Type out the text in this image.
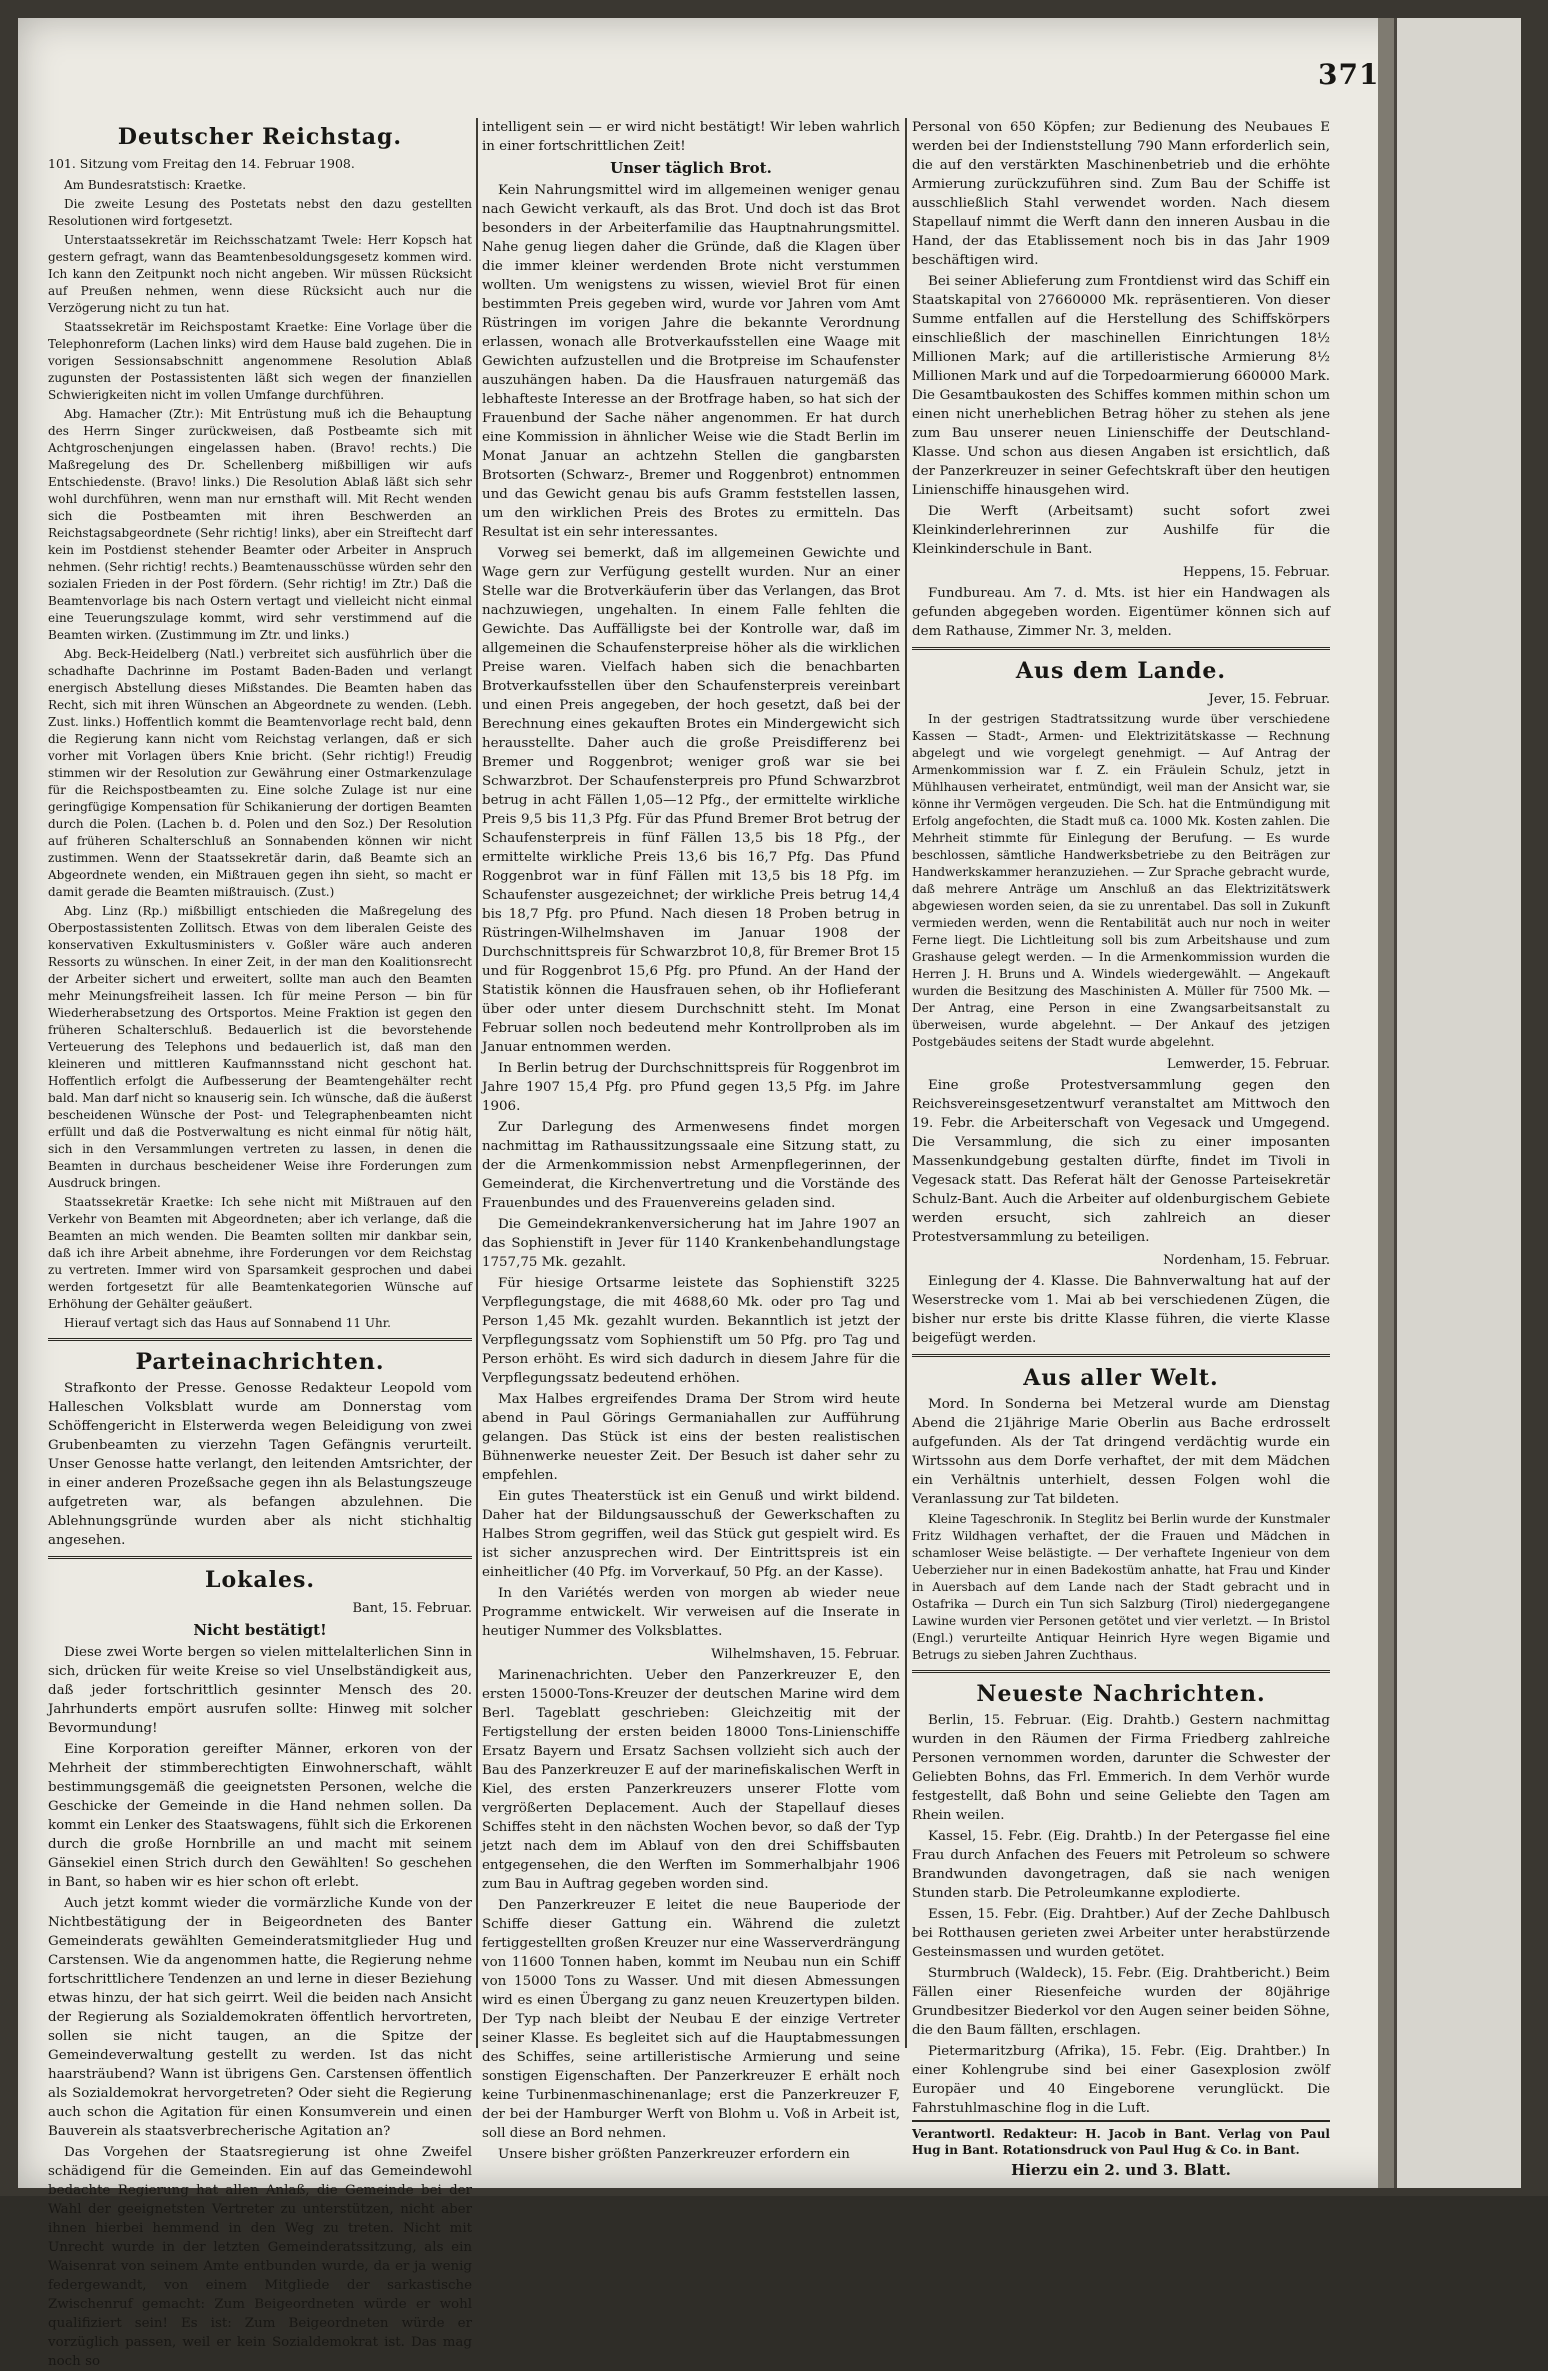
371
Deutscher Reichstag.
101. Sitzung vom Freitag den 14. Februar 1908.

Am Bundesratstisch: Kraetke.

Die zweite Lesung des Postetats nebst den dazu gestellten Resolutionen wird fortgesetzt.

Unterstaatssekretär im Reichsschatzamt Twele: Herr Kopsch hat gestern gefragt, wann das Beamtenbesoldungsgesetz kommen wird. Ich kann den Zeitpunkt noch nicht angeben. Wir müssen Rücksicht auf Preußen nehmen, wenn diese Rücksicht auch nur die Verzögerung nicht zu tun hat.

Staatssekretär im Reichspostamt Kraetke: Eine Vorlage über die Telephonreform (Lachen links) wird dem Hause bald zugehen. Die in vorigen Sessionsabschnitt angenommene Resolution Ablaß zugunsten der Postassistenten läßt sich wegen der finanziellen Schwierigkeiten nicht im vollen Umfange durchführen.

Abg. Hamacher (Ztr.): Mit Entrüstung muß ich die Behauptung des Herrn Singer zurückweisen, daß Postbeamte sich mit Achtgroschenjungen eingelassen haben. (Bravo! rechts.) Die Maßregelung des Dr. Schellenberg mißbilligen wir aufs Entschiedenste. (Bravo! links.) Die Resolution Ablaß läßt sich sehr wohl durchführen, wenn man nur ernsthaft will. Mit Recht wenden sich die Postbeamten mit ihren Beschwerden an Reichstagsabgeordnete (Sehr richtig! links), aber ein Streiftecht darf kein im Postdienst stehender Beamter oder Arbeiter in Anspruch nehmen. (Sehr richtig! rechts.) Beamtenausschüsse würden sehr den sozialen Frieden in der Post fördern. (Sehr richtig! im Ztr.) Daß die Beamtenvorlage bis nach Ostern vertagt und vielleicht nicht einmal eine Teuerungszulage kommt, wird sehr verstimmend auf die Beamten wirken. (Zustimmung im Ztr. und links.)

Abg. Beck-Heidelberg (Natl.) verbreitet sich ausführlich über die schadhafte Dachrinne im Postamt Baden-Baden und verlangt energisch Abstellung dieses Mißstandes. Die Beamten haben das Recht, sich mit ihren Wünschen an Abgeordnete zu wenden. (Lebh. Zust. links.) Hoffentlich kommt die Beamtenvorlage recht bald, denn die Regierung kann nicht vom Reichstag verlangen, daß er sich vorher mit Vorlagen übers Knie bricht. (Sehr richtig!) Freudig stimmen wir der Resolution zur Gewährung einer Ostmarkenzulage für die Reichspostbeamten zu. Eine solche Zulage ist nur eine geringfügige Kompensation für Schikanierung der dortigen Beamten durch die Polen. (Lachen b. d. Polen und den Soz.) Der Resolution auf früheren Schalterschluß an Sonnabenden können wir nicht zustimmen. Wenn der Staatssekretär darin, daß Beamte sich an Abgeordnete wenden, ein Mißtrauen gegen ihn sieht, so macht er damit gerade die Beamten mißtrauisch. (Zust.)

Abg. Linz (Rp.) mißbilligt entschieden die Maßregelung des Oberpostassistenten Zollitsch. Etwas von dem liberalen Geiste des konservativen Exkultusministers v. Goßler wäre auch anderen Ressorts zu wünschen. In einer Zeit, in der man den Koalitionsrecht der Arbeiter sichert und erweitert, sollte man auch den Beamten mehr Meinungsfreiheit lassen. Ich für meine Person — bin für Wiederherabsetzung des Ortsportos. Meine Fraktion ist gegen den früheren Schalterschluß. Bedauerlich ist die bevorstehende Verteuerung des Telephons und bedauerlich ist, daß man den kleineren und mittleren Kaufmannsstand nicht geschont hat. Hoffentlich erfolgt die Aufbesserung der Beamtengehälter recht bald. Man darf nicht so knauserig sein. Ich wünsche, daß die äußerst bescheidenen Wünsche der Post- und Telegraphenbeamten nicht erfüllt und daß die Postverwaltung es nicht einmal für nötig hält, sich in den Versammlungen vertreten zu lassen, in denen die Beamten in durchaus bescheidener Weise ihre Forderungen zum Ausdruck bringen.

Staatssekretär Kraetke: Ich sehe nicht mit Mißtrauen auf den Verkehr von Beamten mit Abgeordneten; aber ich verlange, daß die Beamten an mich wenden. Die Beamten sollten mir dankbar sein, daß ich ihre Arbeit abnehme, ihre Forderungen vor dem Reichstag zu vertreten. Immer wird von Sparsamkeit gesprochen und dabei werden fortgesetzt für alle Beamtenkategorien Wünsche auf Erhöhung der Gehälter geäußert.

Hierauf vertagt sich das Haus auf Sonnabend 11 Uhr.

Parteinachrichten.

Strafkonto der Presse. Genosse Redakteur Leopold vom Halleschen Volksblatt wurde am Donnerstag vom Schöffengericht in Elsterwerda wegen Beleidigung von zwei Grubenbeamten zu vierzehn Tagen Gefängnis verurteilt. Unser Genosse hatte verlangt, den leitenden Amtsrichter, der in einer anderen Prozeßsache gegen ihn als Belastungszeuge aufgetreten war, als befangen abzulehnen. Die Ablehnungsgründe wurden aber als nicht stichhaltig angesehen.

Lokales.
Bant, 15. Februar.
Nicht bestätigt!

Diese zwei Worte bergen so vielen mittelalterlichen Sinn in sich, drücken für weite Kreise so viel Unselbständigkeit aus, daß jeder fortschrittlich gesinnter Mensch des 20. Jahrhunderts empört ausrufen sollte: Hinweg mit solcher Bevormundung!

Eine Korporation gereifter Männer, erkoren von der Mehrheit der stimmberechtigten Einwohnerschaft, wählt bestimmungsgemäß die geeignetsten Personen, welche die Geschicke der Gemeinde in die Hand nehmen sollen. Da kommt ein Lenker des Staatswagens, fühlt sich die Erkorenen durch die große Hornbrille an und macht mit seinem Gänsekiel einen Strich durch den Gewählten! So geschehen in Bant, so haben wir es hier schon oft erlebt.

Auch jetzt kommt wieder die vormärzliche Kunde von der Nichtbestätigung der in Beigeordneten des Banter Gemeinderats gewählten Gemeinderatsmitglieder Hug und Carstensen. Wie da angenommen hatte, die Regierung nehme fortschrittlichere Tendenzen an und lerne in dieser Beziehung etwas hinzu, der hat sich geirrt. Weil die beiden nach Ansicht der Regierung als Sozialdemokraten öffentlich hervortreten, sollen sie nicht taugen, an die Spitze der Gemeindeverwaltung gestellt zu werden. Ist das nicht haarsträubend? Wann ist übrigens Gen. Carstensen öffentlich als Sozialdemokrat hervorgetreten? Oder sieht die Regierung auch schon die Agitation für einen Konsumverein und einen Bauverein als staatsverbrecherische Agitation an?

Das Vorgehen der Staatsregierung ist ohne Zweifel schädigend für die Gemeinden. Ein auf das Gemeindewohl bedachte Regierung hat allen Anlaß, die Gemeinde bei der Wahl der geeignetsten Vertreter zu unterstützen, nicht aber ihnen hierbei hemmend in den Weg zu treten. Nicht mit Unrecht wurde in der letzten Gemeinderatssitzung, als ein Waisenrat von seinem Amte entbunden wurde, da er ja wenig federgewandt, von einem Mitgliede der sarkastische Zwischenruf gemacht: Zum Beigeordneten würde er wohl qualifiziert sein! Es ist: Zum Beigeordneten würde er vorzüglich passen, weil er kein Sozialdemokrat ist. Das mag noch so

intelligent sein — er wird nicht bestätigt! Wir leben wahrlich in einer fortschrittlichen Zeit!

Unser täglich Brot.

Kein Nahrungsmittel wird im allgemeinen weniger genau nach Gewicht verkauft, als das Brot. Und doch ist das Brot besonders in der Arbeiterfamilie das Hauptnahrungsmittel. Nahe genug liegen daher die Gründe, daß die Klagen über die immer kleiner werdenden Brote nicht verstummen wollten. Um wenigstens zu wissen, wieviel Brot für einen bestimmten Preis gegeben wird, wurde vor Jahren vom Amt Rüstringen im vorigen Jahre die bekannte Verordnung erlassen, wonach alle Brotverkaufsstellen eine Waage mit Gewichten aufzustellen und die Brotpreise im Schaufenster auszuhängen haben. Da die Hausfrauen naturgemäß das lebhafteste Interesse an der Brotfrage haben, so hat sich der Frauenbund der Sache näher angenommen. Er hat durch eine Kommission in ähnlicher Weise wie die Stadt Berlin im Monat Januar an achtzehn Stellen die gangbarsten Brotsorten (Schwarz-, Bremer und Roggenbrot) entnommen und das Gewicht genau bis aufs Gramm feststellen lassen, um den wirklichen Preis des Brotes zu ermitteln. Das Resultat ist ein sehr interessantes.

Vorweg sei bemerkt, daß im allgemeinen Gewichte und Wage gern zur Verfügung gestellt wurden. Nur an einer Stelle war die Brotverkäuferin über das Verlangen, das Brot nachzuwiegen, ungehalten. In einem Falle fehlten die Gewichte. Das Auffälligste bei der Kontrolle war, daß im allgemeinen die Schaufensterpreise höher als die wirklichen Preise waren. Vielfach haben sich die benachbarten Brotverkaufsstellen über den Schaufensterpreis vereinbart und einen Preis angegeben, der hoch gesetzt, daß bei der Berechnung eines gekauften Brotes ein Mindergewicht sich herausstellte. Daher auch die große Preisdifferenz bei Bremer und Roggenbrot; weniger groß war sie bei Schwarzbrot. Der Schaufensterpreis pro Pfund Schwarzbrot betrug in acht Fällen 1,05—12 Pfg., der ermittelte wirkliche Preis 9,5 bis 11,3 Pfg. Für das Pfund Bremer Brot betrug der Schaufensterpreis in fünf Fällen 13,5 bis 18 Pfg., der ermittelte wirkliche Preis 13,6 bis 16,7 Pfg. Das Pfund Roggenbrot war in fünf Fällen mit 13,5 bis 18 Pfg. im Schaufenster ausgezeichnet; der wirkliche Preis betrug 14,4 bis 18,7 Pfg. pro Pfund. Nach diesen 18 Proben betrug in Rüstringen-Wilhelmshaven im Januar 1908 der Durchschnittspreis für Schwarzbrot 10,8, für Bremer Brot 15 und für Roggenbrot 15,6 Pfg. pro Pfund. An der Hand der Statistik können die Hausfrauen sehen, ob ihr Hoflieferant über oder unter diesem Durchschnitt steht. Im Monat Februar sollen noch bedeutend mehr Kontrollproben als im Januar entnommen werden.

In Berlin betrug der Durchschnittspreis für Roggenbrot im Jahre 1907 15,4 Pfg. pro Pfund gegen 13,5 Pfg. im Jahre 1906.

Zur Darlegung des Armenwesens findet morgen nachmittag im Rathaussitzungssaale eine Sitzung statt, zu der die Armenkommission nebst Armenpflegerinnen, der Gemeinderat, die Kirchenvertretung und die Vorstände des Frauenbundes und des Frauenvereins geladen sind.

Die Gemeindekrankenversicherung hat im Jahre 1907 an das Sophienstift in Jever für 1140 Krankenbehandlungstage 1757,75 Mk. gezahlt.

Für hiesige Ortsarme leistete das Sophienstift 3225 Verpflegungstage, die mit 4688,60 Mk. oder pro Tag und Person 1,45 Mk. gezahlt wurden. Bekanntlich ist jetzt der Verpflegungssatz vom Sophienstift um 50 Pfg. pro Tag und Person erhöht. Es wird sich dadurch in diesem Jahre für die Verpflegungssatz bedeutend erhöhen.

Max Halbes ergreifendes Drama Der Strom wird heute abend in Paul Görings Germaniahallen zur Aufführung gelangen. Das Stück ist eins der besten realistischen Bühnenwerke neuester Zeit. Der Besuch ist daher sehr zu empfehlen.

Ein gutes Theaterstück ist ein Genuß und wirkt bildend. Daher hat der Bildungsausschuß der Gewerkschaften zu Halbes Strom gegriffen, weil das Stück gut gespielt wird. Es ist sicher anzusprechen wird. Der Eintrittspreis ist ein einheitlicher (40 Pfg. im Vorverkauf, 50 Pfg. an der Kasse).

In den Variétés werden von morgen ab wieder neue Programme entwickelt. Wir verweisen auf die Inserate in heutiger Nummer des Volksblattes.

Wilhelmshaven, 15. Februar.

Marinenachrichten. Ueber den Panzerkreuzer E, den ersten 15000-Tons-Kreuzer der deutschen Marine wird dem Berl. Tageblatt geschrieben: Gleichzeitig mit der Fertigstellung der ersten beiden 18000 Tons-Linienschiffe Ersatz Bayern und Ersatz Sachsen vollzieht sich auch der Bau des Panzerkreuzer E auf der marinefiskalischen Werft in Kiel, des ersten Panzerkreuzers unserer Flotte vom vergrößerten Deplacement. Auch der Stapellauf dieses Schiffes steht in den nächsten Wochen bevor, so daß der Typ jetzt nach dem im Ablauf von den drei Schiffsbauten entgegensehen, die den Werften im Sommerhalbjahr 1906 zum Bau in Auftrag gegeben worden sind.

Den Panzerkreuzer E leitet die neue Bauperiode der Schiffe dieser Gattung ein. Während die zuletzt fertiggestellten großen Kreuzer nur eine Wasserverdrängung von 11600 Tonnen haben, kommt im Neubau nun ein Schiff von 15000 Tons zu Wasser. Und mit diesen Abmessungen wird es einen Übergang zu ganz neuen Kreuzertypen bilden. Der Typ nach bleibt der Neubau E der einzige Vertreter seiner Klasse. Es begleitet sich auf die Hauptabmessungen des Schiffes, seine artilleristische Armierung und seine sonstigen Eigenschaften. Der Panzerkreuzer E erhält noch keine Turbinenmaschinenanlage; erst die Panzerkreuzer F, der bei der Hamburger Werft von Blohm u. Voß in Arbeit ist, soll diese an Bord nehmen.

Unsere bisher größten Panzerkreuzer erfordern ein

Personal von 650 Köpfen; zur Bedienung des Neubaues E werden bei der Indienststellung 790 Mann erforderlich sein, die auf den verstärkten Maschinenbetrieb und die erhöhte Armierung zurückzuführen sind. Zum Bau der Schiffe ist ausschließlich Stahl verwendet worden. Nach diesem Stapellauf nimmt die Werft dann den inneren Ausbau in die Hand, der das Etablissement noch bis in das Jahr 1909 beschäftigen wird.

Bei seiner Ablieferung zum Frontdienst wird das Schiff ein Staatskapital von 27660000 Mk. repräsentieren. Von dieser Summe entfallen auf die Herstellung des Schiffskörpers einschließlich der maschinellen Einrichtungen 18½ Millionen Mark; auf die artilleristische Armierung 8½ Millionen Mark und auf die Torpedoarmierung 660000 Mark. Die Gesamtbaukosten des Schiffes kommen mithin schon um einen nicht unerheblichen Betrag höher zu stehen als jene zum Bau unserer neuen Linienschiffe der Deutschland-Klasse. Und schon aus diesen Angaben ist ersichtlich, daß der Panzerkreuzer in seiner Gefechtskraft über den heutigen Linienschiffe hinausgehen wird.

Die Werft (Arbeitsamt) sucht sofort zwei Kleinkinderlehrerinnen zur Aushilfe für die Kleinkinderschule in Bant.

Heppens, 15. Februar.

Fundbureau. Am 7. d. Mts. ist hier ein Handwagen als gefunden abgegeben worden. Eigentümer können sich auf dem Rathause, Zimmer Nr. 3, melden.

Aus dem Lande.
Jever, 15. Februar.

In der gestrigen Stadtratssitzung wurde über verschiedene Kassen — Stadt-, Armen- und Elektrizitätskasse — Rechnung abgelegt und wie vorgelegt genehmigt. — Auf Antrag der Armenkommission war f. Z. ein Fräulein Schulz, jetzt in Mühlhausen verheiratet, entmündigt, weil man der Ansicht war, sie könne ihr Vermögen vergeuden. Die Sch. hat die Entmündigung mit Erfolg angefochten, die Stadt muß ca. 1000 Mk. Kosten zahlen. Die Mehrheit stimmte für Einlegung der Berufung. — Es wurde beschlossen, sämtliche Handwerksbetriebe zu den Beiträgen zur Handwerkskammer heranzuziehen. — Zur Sprache gebracht wurde, daß mehrere Anträge um Anschluß an das Elektrizitätswerk abgewiesen worden seien, da sie zu unrentabel. Das soll in Zukunft vermieden werden, wenn die Rentabilität auch nur noch in weiter Ferne liegt. Die Lichtleitung soll bis zum Arbeitshause und zum Grashause gelegt werden. — In die Armenkommission wurden die Herren J. H. Bruns und A. Windels wiedergewählt. — Angekauft wurden die Besitzung des Maschinisten A. Müller für 7500 Mk. — Der Antrag, eine Person in eine Zwangsarbeitsanstalt zu überweisen, wurde abgelehnt. — Der Ankauf des jetzigen Postgebäudes seitens der Stadt wurde abgelehnt.

Lemwerder, 15. Februar.

Eine große Protestversammlung gegen den Reichsvereinsgesetzentwurf veranstaltet am Mittwoch den 19. Febr. die Arbeiterschaft von Vegesack und Umgegend. Die Versammlung, die sich zu einer imposanten Massenkundgebung gestalten dürfte, findet im Tivoli in Vegesack statt. Das Referat hält der Genosse Parteisekretär Schulz-Bant. Auch die Arbeiter auf oldenburgischem Gebiete werden ersucht, sich zahlreich an dieser Protestversammlung zu beteiligen.

Nordenham, 15. Februar.

Einlegung der 4. Klasse. Die Bahnverwaltung hat auf der Weserstrecke vom 1. Mai ab bei verschiedenen Zügen, die bisher nur erste bis dritte Klasse führen, die vierte Klasse beigefügt werden.

Aus aller Welt.

Mord. In Sonderna bei Metzeral wurde am Dienstag Abend die 21jährige Marie Oberlin aus Bache erdrosselt aufgefunden. Als der Tat dringend verdächtig wurde ein Wirtssohn aus dem Dorfe verhaftet, der mit dem Mädchen ein Verhältnis unterhielt, dessen Folgen wohl die Veranlassung zur Tat bildeten.

Kleine Tageschronik. In Steglitz bei Berlin wurde der Kunstmaler Fritz Wildhagen verhaftet, der die Frauen und Mädchen in schamloser Weise belästigte. — Der verhaftete Ingenieur von dem Ueberzieher nur in einen Badekostüm anhatte, hat Frau und Kinder in Auersbach auf dem Lande nach der Stadt gebracht und in Ostafrika — Durch ein Tun sich Salzburg (Tirol) niedergegangene Lawine wurden vier Personen getötet und vier verletzt. — In Bristol (Engl.) verurteilte Antiquar Heinrich Hyre wegen Bigamie und Betrugs zu sieben Jahren Zuchthaus.

Neueste Nachrichten.

Berlin, 15. Februar. (Eig. Drahtb.) Gestern nachmittag wurden in den Räumen der Firma Friedberg zahlreiche Personen vernommen worden, darunter die Schwester der Geliebten Bohns, das Frl. Emmerich. In dem Verhör wurde festgestellt, daß Bohn und seine Geliebte den Tagen am Rhein weilen.

Kassel, 15. Febr. (Eig. Drahtb.) In der Petergasse fiel eine Frau durch Anfachen des Feuers mit Petroleum so schwere Brandwunden davongetragen, daß sie nach wenigen Stunden starb. Die Petroleumkanne explodierte.

Essen, 15. Febr. (Eig. Drahtber.) Auf der Zeche Dahlbusch bei Rotthausen gerieten zwei Arbeiter unter herabstürzende Gesteinsmassen und wurden getötet.

Sturmbruch (Waldeck), 15. Febr. (Eig. Drahtbericht.) Beim Fällen einer Riesenfeiche wurden der 80jährige Grundbesitzer Biederkol vor den Augen seiner beiden Söhne, die den Baum fällten, erschlagen.

Pietermaritzburg (Afrika), 15. Febr. (Eig. Drahtber.) In einer Kohlengrube sind bei einer Gasexplosion zwölf Europäer und 40 Eingeborene verunglückt. Die Fahrstuhlmaschine flog in die Luft.

Verantwortl. Redakteur: H. Jacob in Bant. Verlag von Paul Hug in Bant. Rotationsdruck von Paul Hug & Co. in Bant.
Hierzu ein 2. und 3. Blatt.
